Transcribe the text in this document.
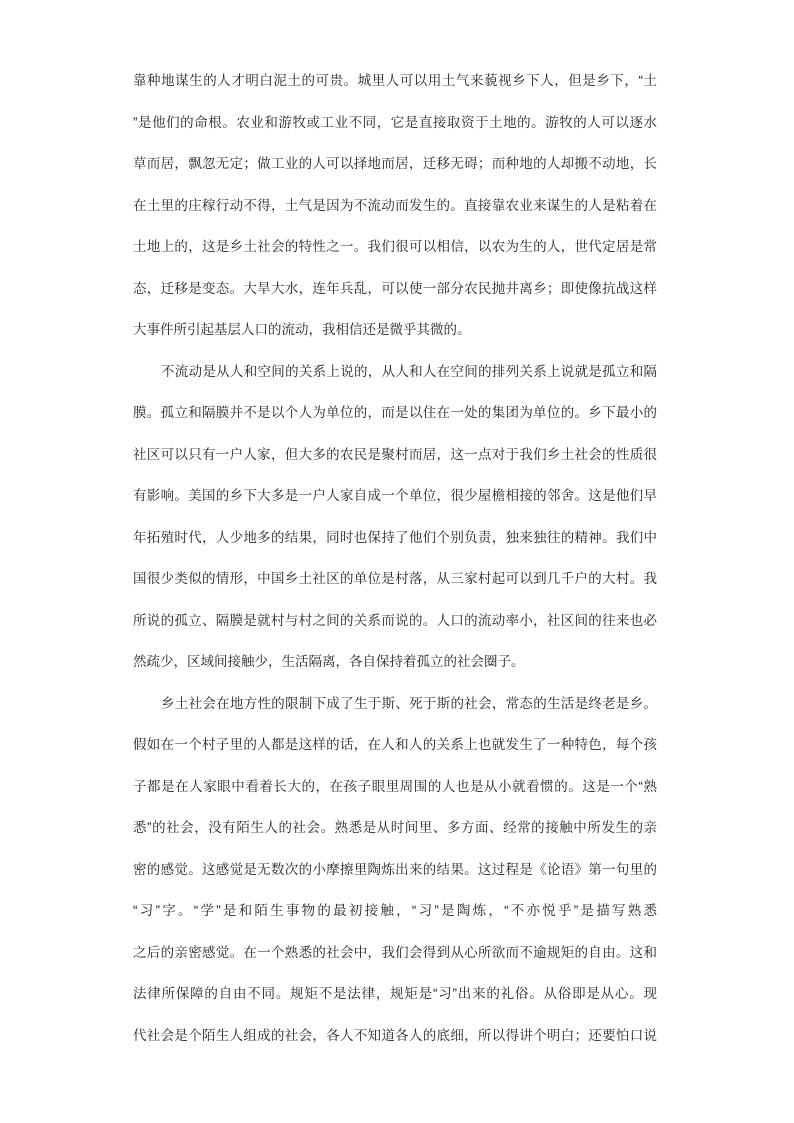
靠种地谋生的人才明白泥土的可贵。城里人可以用土气来藐视乡下人，但是乡下，“土
”是他们的命根。农业和游牧或工业不同，它是直接取资于土地的。游牧的人可以逐水
草而居，飘忽无定；做工业的人可以择地而居，迁移无碍；而种地的人却搬不动地，长
在土里的庄稼行动不得，土气是因为不流动而发生的。直接靠农业来谋生的人是粘着在
土地上的，这是乡土社会的特性之一。我们很可以相信，以农为生的人，世代定居是常
态，迁移是变态。大旱大水，连年兵乱，可以使一部分农民抛井离乡；即使像抗战这样
大事件所引起基层人口的流动，我相信还是微乎其微的。
不流动是从人和空间的关系上说的，从人和人在空间的排列关系上说就是孤立和隔
膜。孤立和隔膜并不是以个人为单位的，而是以住在一处的集团为单位的。乡下最小的
社区可以只有一户人家，但大多的农民是聚村而居，这一点对于我们乡土社会的性质很
有影响。美国的乡下大多是一户人家自成一个单位，很少屋檐相接的邻舍。这是他们早
年拓殖时代，人少地多的结果，同时也保持了他们个别负责，独来独往的精神。我们中
国很少类似的情形，中国乡土社区的单位是村落，从三家村起可以到几千户的大村。我
所说的孤立、隔膜是就村与村之间的关系而说的。人口的流动率小，社区间的往来也必
然疏少，区域间接触少，生活隔离，各自保持着孤立的社会圈子。
乡土社会在地方性的限制下成了生于斯、死于斯的社会，常态的生活是终老是乡。
假如在一个村子里的人都是这样的话，在人和人的关系上也就发生了一种特色，每个孩
子都是在人家眼中看着长大的，在孩子眼里周围的人也是从小就看惯的。这是一个“熟
悉”的社会，没有陌生人的社会。熟悉是从时间里、多方面、经常的接触中所发生的亲
密的感觉。这感觉是无数次的小摩擦里陶炼出来的结果。这过程是《论语》第一句里的
“习”字。“学”是和陌生事物的最初接触，“习”是陶炼，“不亦悦乎”是描写熟悉
之后的亲密感觉。在一个熟悉的社会中，我们会得到从心所欲而不逾规矩的自由。这和
法律所保障的自由不同。规矩不是法律，规矩是“习”出来的礼俗。从俗即是从心。现
代社会是个陌生人组成的社会，各人不知道各人的底细，所以得讲个明白；还要怕口说
